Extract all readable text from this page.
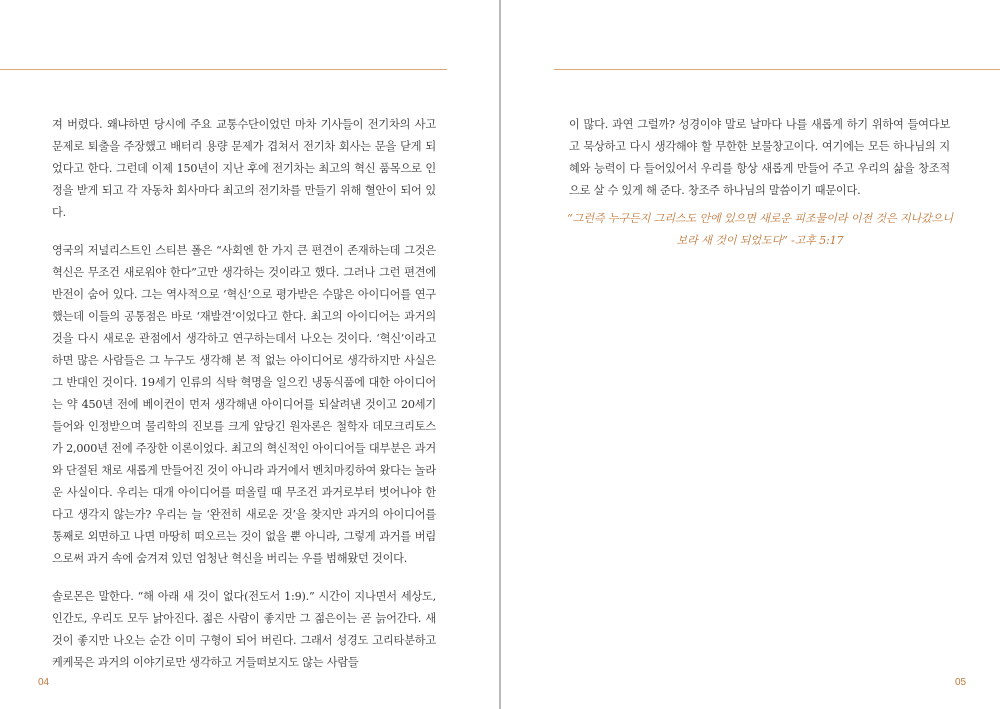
져 버렸다. 왜냐하면 당시에 주요 교통수단이었던 마차 기사들이 전기차의 사고 문제로 퇴출을 주장했고 배터리 용량 문제가 겹쳐서 전기차 회사는 문을 닫게 되었다고 한다. 그런데 이제 150년이 지난 후에 전기차는 최고의 혁신 품목으로 인정을 받게 되고 각 자동차 회사마다 최고의 전기차를 만들기 위해 혈안이 되어 있다.

영국의 저널리스트인 스티븐 폴은 “사회엔 한 가지 큰 편견이 존재하는데 그것은 혁신은 무조건 새로워야 한다”고만 생각하는 것이라고 했다. 그러나 그런 편견에 반전이 숨어 있다. 그는 역사적으로 ‘혁신’으로 평가받은 수많은 아이디어를 연구했는데 이들의 공통점은 바로 ‘재발견’이었다고 한다. 최고의 아이디어는 과거의 것을 다시 새로운 관점에서 생각하고 연구하는데서 나오는 것이다. ‘혁신’이라고 하면 많은 사람들은 그 누구도 생각해 본 적 없는 아이디어로 생각하지만 사실은 그 반대인 것이다. 19세기 인류의 식탁 혁명을 일으킨 냉동식품에 대한 아이디어는 약 450년 전에 베이컨이 먼저 생각해낸 아이디어를 되살려낸 것이고 20세기 들어와 인정받으며 물리학의 진보를 크게 앞당긴 원자론은 철학자 데모크리토스가 2,000년 전에 주장한 이론이었다. 최고의 혁신적인 아이디어들 대부분은 과거와 단절된 채로 새롭게 만들어진 것이 아니라 과거에서 벤치마킹하여 왔다는 놀라운 사실이다. 우리는 대개 아이디어를 떠올릴 때 무조건 과거로부터 벗어나야 한다고 생각지 않는가? 우리는 늘 ‘완전히 새로운 것’을 찾지만 과거의 아이디어를 통째로 외면하고 나면 마땅히 떠오르는 것이 없을 뿐 아니라, 그렇게 과거를 버림으로써 과거 속에 숨겨져 있던 엄청난 혁신을 버리는 우를 범해왔던 것이다.

솔로몬은 말한다. “해 아래 새 것이 없다(전도서 1:9).” 시간이 지나면서 세상도, 인간도, 우리도 모두 낡아진다. 젊은 사람이 좋지만 그 젊은이는 곧 늙어간다. 새 것이 좋지만 나오는 순간 이미 구형이 되어 버린다. 그래서 성경도 고리타분하고 케케묵은 과거의 이야기로만 생각하고 거들떠보지도 않는 사람들

04	05

이 많다. 과연 그럴까? 성경이야 말로 날마다 나를 새롭게 하기 위하여 들여다보고 묵상하고 다시 생각해야 할 무한한 보물창고이다. 여기에는 모든 하나님의 지혜와 능력이 다 들어있어서 우리를 항상 새롭게 만들어 주고 우리의 삶을 창조적으로 살 수 있게 해 준다. 창조주 하나님의 말씀이기 때문이다.

“그런즉 누구든지 그리스도 안에 있으면 새로운 피조물이라 이전 것은 지나갔으니 보라 새 것이 되었도다” -고후 5:17
